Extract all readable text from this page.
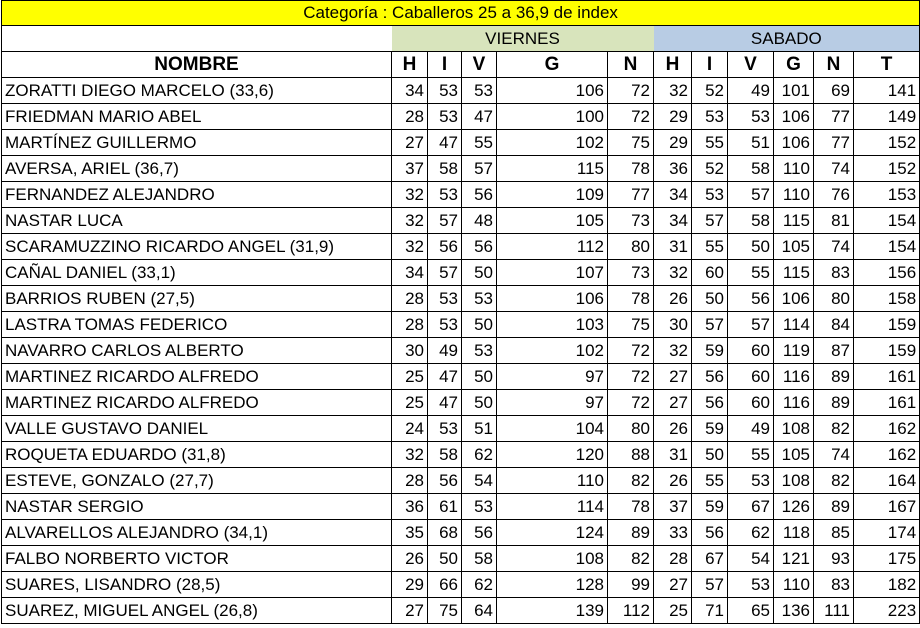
Categoría : Caballeros 25 a 36,9 de index											
	VIERNES					SABADO					
NOMBRE	H	I	V	G	N	H	I	V	G	N	T
ZORATTI DIEGO MARCELO (33,6)	34	53	53	106	72	32	52	49	101	69	141
FRIEDMAN MARIO ABEL	28	53	47	100	72	29	53	53	106	77	149
MARTÍNEZ GUILLERMO	27	47	55	102	75	29	55	51	106	77	152
AVERSA, ARIEL (36,7)	37	58	57	115	78	36	52	58	110	74	152
FERNANDEZ ALEJANDRO	32	53	56	109	77	34	53	57	110	76	153
NASTAR LUCA	32	57	48	105	73	34	57	58	115	81	154
SCARAMUZZINO RICARDO ANGEL (31,9)	32	56	56	112	80	31	55	50	105	74	154
CAÑAL DANIEL (33,1)	34	57	50	107	73	32	60	55	115	83	156
BARRIOS RUBEN (27,5)	28	53	53	106	78	26	50	56	106	80	158
LASTRA TOMAS FEDERICO	28	53	50	103	75	30	57	57	114	84	159
NAVARRO CARLOS ALBERTO	30	49	53	102	72	32	59	60	119	87	159
MARTINEZ RICARDO ALFREDO	25	47	50	97	72	27	56	60	116	89	161
MARTINEZ RICARDO ALFREDO	25	47	50	97	72	27	56	60	116	89	161
VALLE GUSTAVO DANIEL	24	53	51	104	80	26	59	49	108	82	162
ROQUETA EDUARDO (31,8)	32	58	62	120	88	31	50	55	105	74	162
ESTEVE, GONZALO (27,7)	28	56	54	110	82	26	55	53	108	82	164
NASTAR SERGIO	36	61	53	114	78	37	59	67	126	89	167
ALVARELLOS ALEJANDRO (34,1)	35	68	56	124	89	33	56	62	118	85	174
FALBO NORBERTO VICTOR	26	50	58	108	82	28	67	54	121	93	175
SUARES, LISANDRO (28,5)	29	66	62	128	99	27	57	53	110	83	182
SUAREZ, MIGUEL ANGEL (26,8)	27	75	64	139	112	25	71	65	136	111	223
